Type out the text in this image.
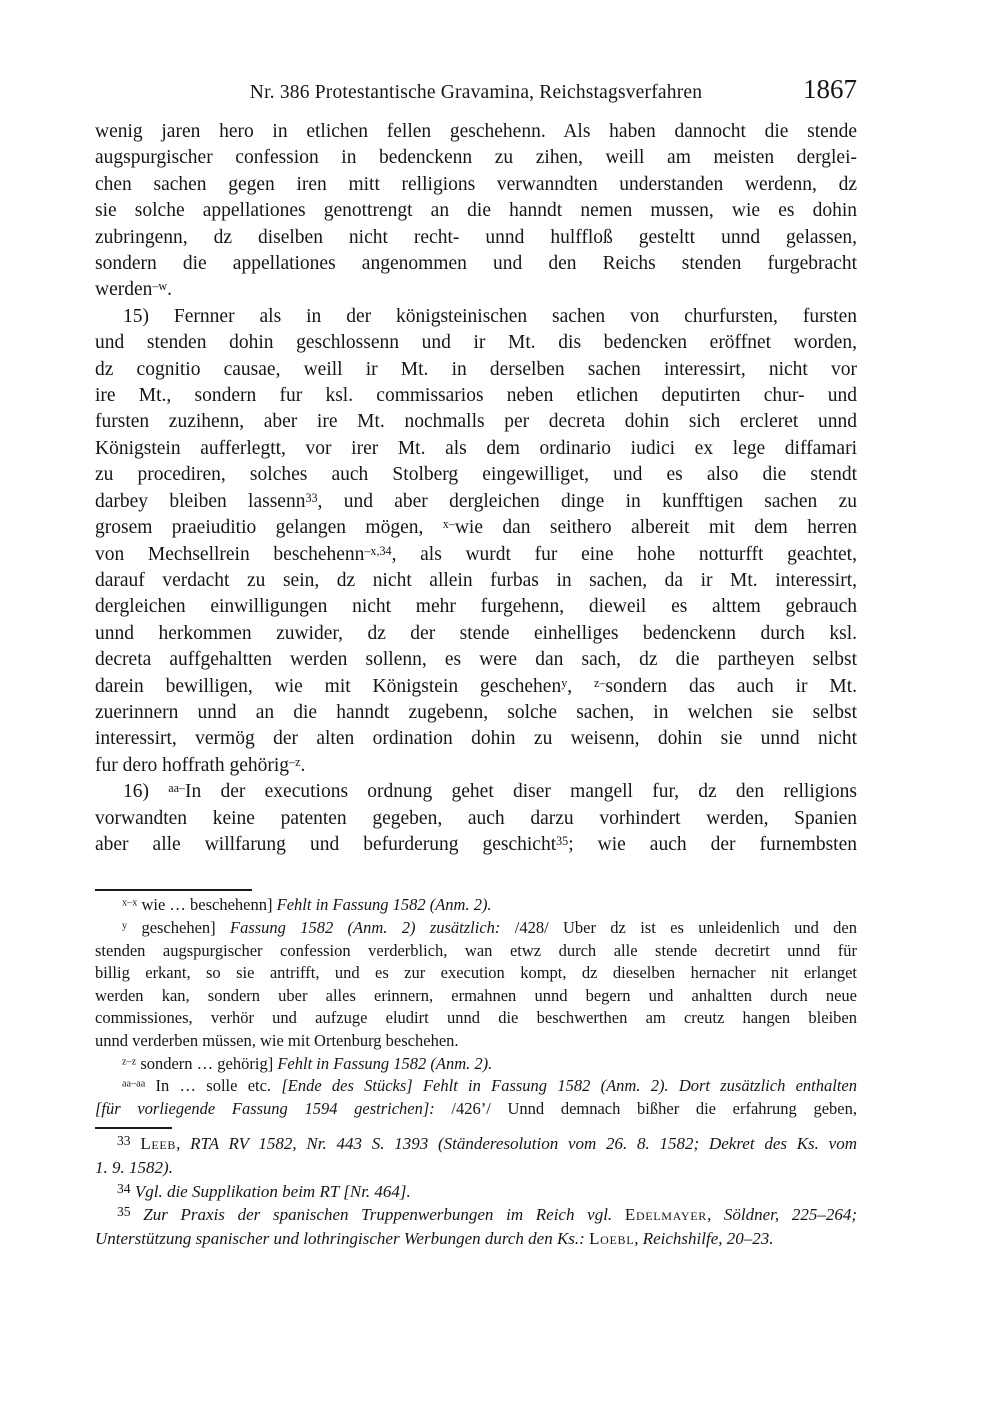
Nr. 386 Protestantische Gravamina, Reichstagsverfahren	1867
wenig jaren hero in etlichen fellen geschehenn. Als haben dannocht die stende
augspurgischer confession in bedenckenn zu zihen, weill am meisten derglei-
chen sachen gegen iren mitt relligions verwanndten understanden werdenn, dz
sie solche appellationes genottrengt an die hanndt nemen mussen, wie es dohin
zubringenn, dz diselben nicht recht- unnd hulffloß gesteltt unnd gelassen,
sondern die appellationes angenommen und den Reichs stenden furgebracht
werden$^{-w}$.
15) Fernner als in der königsteinischen sachen von churfursten, fursten
und stenden dohin geschlossenn und ir Mt. dis bedencken eröffnet worden,
dz cognitio causae, weill ir Mt. in derselben sachen interessirt, nicht vor
ire Mt., sondern fur ksl. commissarios neben etlichen deputirten chur- und
fursten zuzihenn, aber ire Mt. nochmalls per decreta dohin sich ercleret unnd
Königstein aufferlegtt, vor irer Mt. als dem ordinario iudici ex lege diffamari
zu procediren, solches auch Stolberg eingewilliget, und es also die stendt
darbey bleiben lassenn$^{33}$, und aber dergleichen dinge in kunfftigen sachen zu
grosem praeiuditio gelangen mögen, $^{x-}$wie dan seithero albereit mit dem herren
von Mechsellrein beschehenn$^{-x,34}$, als wurdt fur eine hohe notturfft geachtet,
darauf verdacht zu sein, dz nicht allein furbas in sachen, da ir Mt. interessirt,
dergleichen einwilligungen nicht mehr furgehenn, dieweil es alttem gebrauch
unnd herkommen zuwider, dz der stende einhelliges bedenckenn durch ksl.
decreta auffgehaltten werden sollenn, es were dan sach, dz die partheyen selbst
darein bewilligen, wie mit Königstein geschehen$^y$, $^{z-}$sondern das auch ir Mt.
zuerinnern unnd an die hanndt zugebenn, solche sachen, in welchen sie selbst
interessirt, vermög der alten ordination dohin zu weisenn, dohin sie unnd nicht
fur dero hoffrath gehörig$^{-z}$.
16) $^{aa-}$In der executions ordnung gehet diser mangell fur, dz den relligions
vorwandten keine patenten gegeben, auch darzu vorhindert werden, Spanien
aber alle willfarung und befurderung geschicht$^{35}$; wie auch der furnembsten
$^{x-x}$ wie … beschehenn] Fehlt in Fassung 1582 (Anm. 2).
$^y$ geschehen] Fassung 1582 (Anm. 2) zusätzlich: /428/ Uber dz ist es unleidenlich und den
stenden augspurgischer confession verderblich, wan etwz durch alle stende decretirt unnd für
billig erkant, so sie antrifft, und es zur execution kompt, dz dieselben hernacher nit erlanget
werden kan, sondern uber alles erinnern, ermahnen unnd begern und anhaltten durch neue
commissiones, verhör und aufzuge eludirt unnd die beschwerthen am creutz hangen bleiben
unnd verderben müssen, wie mit Ortenburg beschehen.
$^{z-z}$ sondern … gehörig] Fehlt in Fassung 1582 (Anm. 2).
$^{aa-aa}$ In … solle etc. [Ende des Stücks] Fehlt in Fassung 1582 (Anm. 2). Dort zusätzlich enthalten
[für vorliegende Fassung 1594 gestrichen]: /426’/ Unnd demnach bißher die erfahrung geben,
$^{33}$ Leeb, RTA RV 1582, Nr. 443 S. 1393 (Ständeresolution vom 26. 8. 1582; Dekret des Ks. vom
1. 9. 1582).
$^{34}$ Vgl. die Supplikation beim RT [Nr. 464].
$^{35}$ Zur Praxis der spanischen Truppenwerbungen im Reich vgl. Edelmayer, Söldner, 225–264;
Unterstützung spanischer und lothringischer Werbungen durch den Ks.: Loebl, Reichshilfe, 20–23.
